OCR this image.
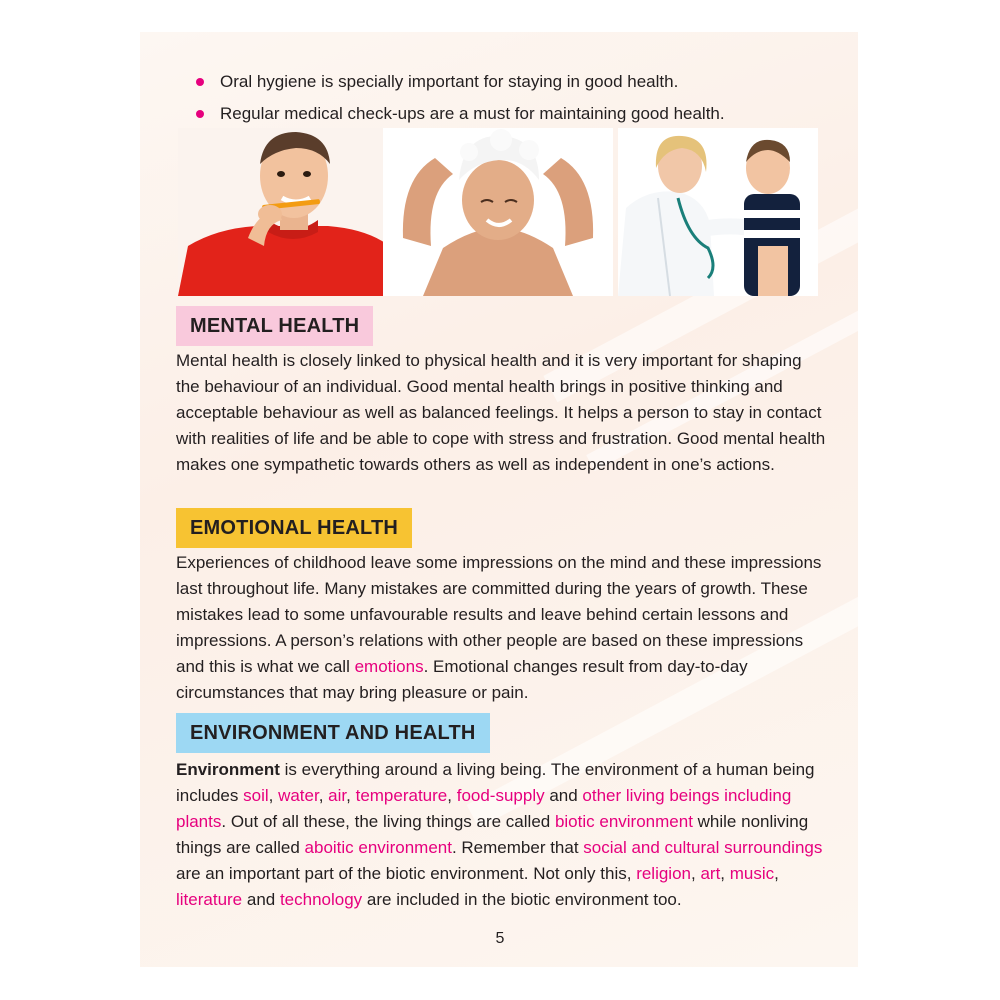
Oral hygiene is specially important for staying in good health.
Regular medical check-ups are a must for maintaining good health.
MENTAL HEALTH

Mental health is closely linked to physical health and it is very important for shaping the behaviour of an individual. Good mental health brings in positive thinking and acceptable behaviour as well as balanced feelings. It helps a person to stay in contact with realities of life and be able to cope with stress and frustration. Good mental health makes one sympathetic towards others as well as independent in one’s actions.

EMOTIONAL HEALTH

Experiences of childhood leave some impressions on the mind and these impressions last throughout life. Many mistakes are committed during the years of growth. These mistakes lead to some unfavourable results and leave behind certain lessons and impressions. A person’s relations with other people are based on these impressions and this is what we call emotions. Emotional changes result from day-to-day circumstances that may bring pleasure or pain.

ENVIRONMENT AND HEALTH

Environment is everything around a living being. The environment of a human being includes soil, water, air, temperature, food-supply and other living beings including plants. Out of all these, the living things are called biotic environment while nonliving things are called aboitic environment. Remember that social and cultural surroundings are an important part of the biotic environment. Not only this, religion, art, music, literature and technology are included in the biotic environment too.

5
